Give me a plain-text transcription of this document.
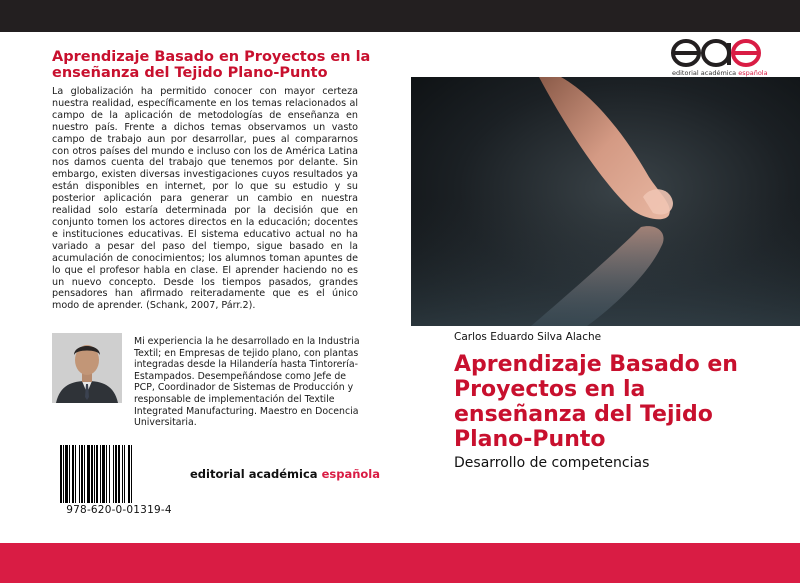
Aprendizaje Basado en Proyectos en la enseñanza del Tejido Plano-Punto
La globalización ha permitido conocer con mayor certeza nuestra realidad, específicamente en los temas relacionados al campo de la aplicación de metodologías de enseñanza en nuestro país. Frente a dichos temas observamos un vasto campo de trabajo aun por desarrollar, pues al compararnos con otros países del mundo e incluso con los de América Latina nos damos cuenta del trabajo que tenemos por delante. Sin embargo, existen diversas investigaciones cuyos resultados ya están disponibles en internet, por lo que su estudio y su posterior aplicación para generar un cambio en nuestra realidad solo estaría determinada por la decisión que en conjunto tomen los actores directos en la educación; docentes e instituciones educativas. El sistema educativo actual no ha variado a pesar del paso del tiempo, sigue basado en la acumulación de conocimientos; los alumnos toman apuntes de lo que el profesor habla en clase. El aprender haciendo no es un nuevo concepto. Desde los tiempos pasados, grandes pensadores han afirmado reiteradamente que es el único modo de aprender. (Schank, 2007, Párr.2).
Mi experiencia la he desarrollado en la Industria Textil; en Empresas de tejido plano, con plantas integradas desde la Hilandería hasta Tintorería-Estampados. Desempeñándose como Jefe de PCP, Coordinador de Sistemas de Producción y responsable de implementación del Textile Integrated Manufacturing. Maestro en Docencia Universitaria.
978-620-0-01319-4
editorial académica española
editorial académica española
Carlos Eduardo Silva Alache
Aprendizaje Basado en Proyectos en la enseñanza del Tejido Plano-Punto
Desarrollo de competencias
